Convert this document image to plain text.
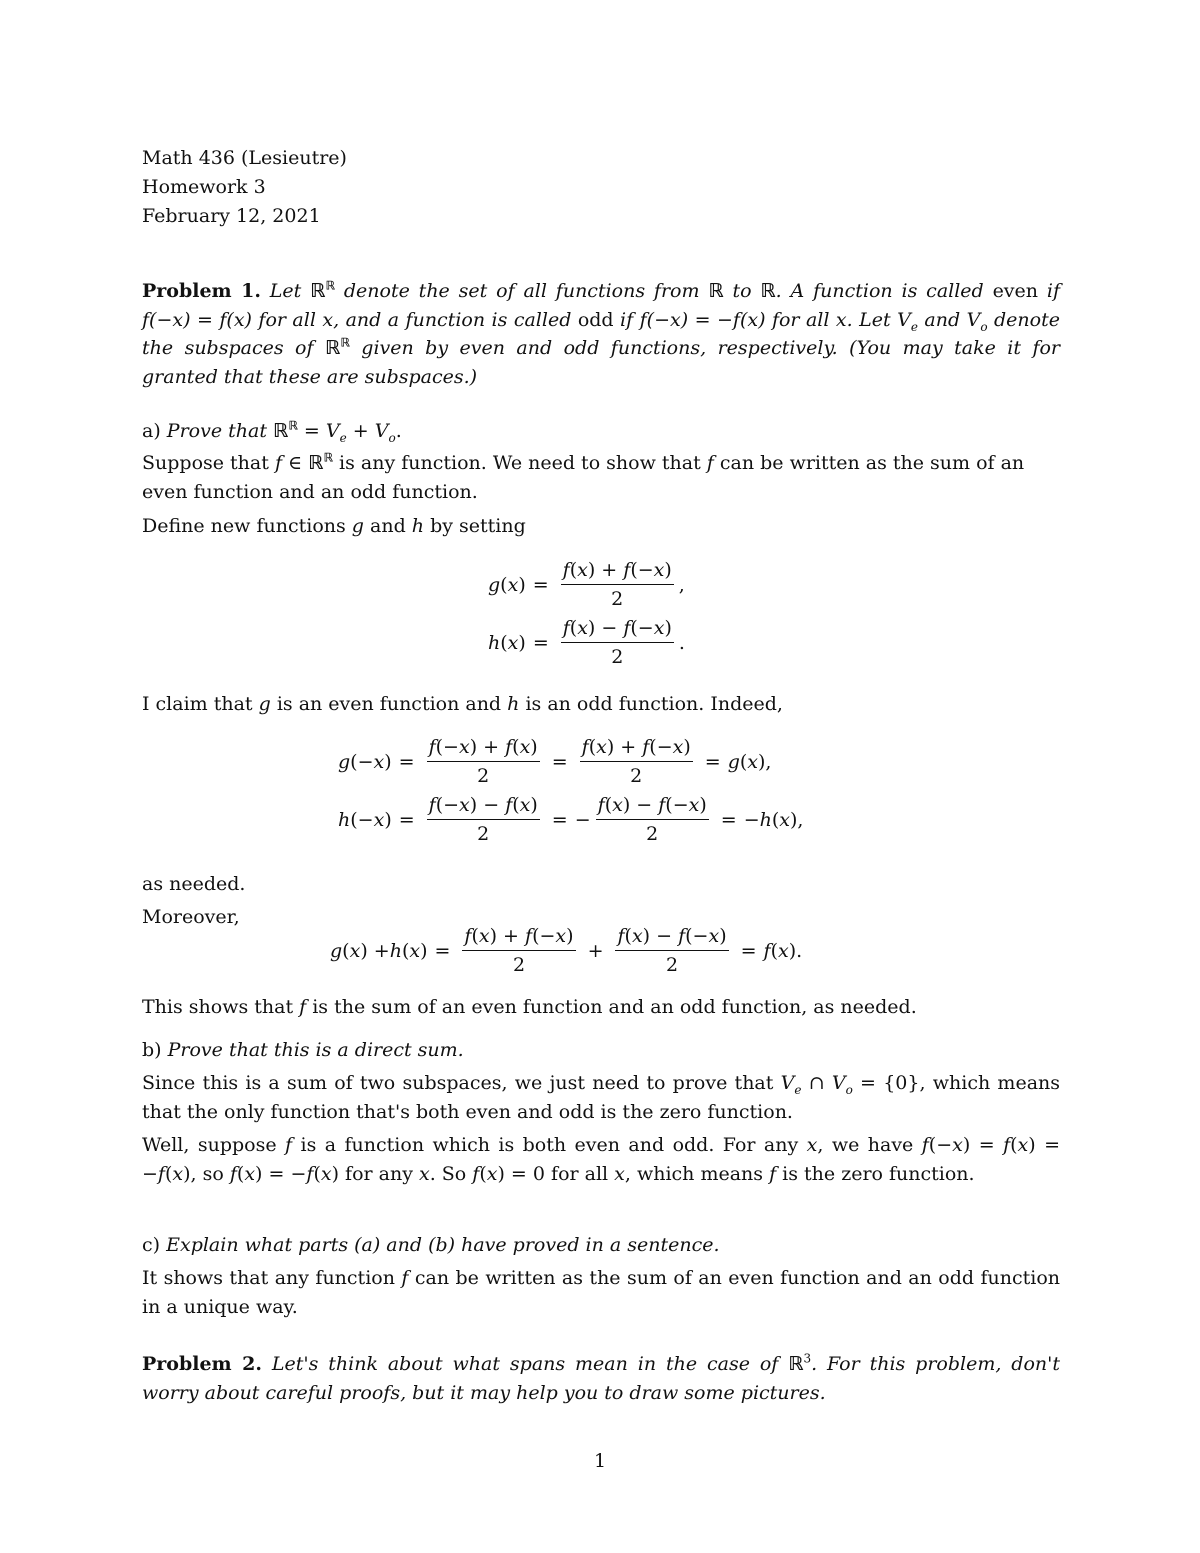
Math 436 (Lesieutre)
Homework 3
February 12, 2021
Problem 1. Let ℝ$^ℝ$ denote the set of all functions from ℝ to ℝ. A function is called even if f(−x) = f(x) for all x, and a function is called odd if f(−x) = −f(x) for all x. Let $V_e$ and $V_o$ denote the subspaces of ℝ$^ℝ$ given by even and odd functions, respectively. (You may take it for granted that these are subspaces.)
a) Prove that ℝ$^ℝ$ = $V_e + V_o$.
Suppose that f ∈ ℝ$^ℝ$ is any function. We need to show that f can be written as the sum of an even function and an odd function.
Define new functions g and h by setting
g ( x ) = $\frac{f(x) + f(-x)}{2}$ ,
h ( x ) = $\frac{f(x) - f(-x)}{2}$ .
I claim that g is an even function and h is an odd function. Indeed,
g (− x ) = $\frac{f(-x) + f(x)}{2} = \frac{f(x) + f(-x)}{2} = g$ ( x ),
h (− x ) = $\frac{f(-x) - f(x)}{2}$ = − $\frac{f(x) - f(-x)}{2}$ = − h ( x ),
as needed.
Moreover,
g ( x ) + h ( x ) = $\frac{f(x) + f(-x)}{2} + \frac{f(x) - f(-x)}{2} = f$ ( x ).
This shows that f is the sum of an even function and an odd function, as needed.
b) Prove that this is a direct sum.
Since this is a sum of two subspaces, we just need to prove that $V_e$ ∩ $V_o = \{0\}$, which means that the only function that's both even and odd is the zero function.
Well, suppose f is a function which is both even and odd. For any x, we have f(−x) = f(x) = −f(x), so f(x) = −f(x) for any x. So f(x) = 0 for all x, which means f is the zero function.
c) Explain what parts (a) and (b) have proved in a sentence.
It shows that any function f can be written as the sum of an even function and an odd function in a unique way.
Problem 2. Let's think about what spans mean in the case of ℝ$^3$. For this problem, don't worry about careful proofs, but it may help you to draw some pictures.
1
